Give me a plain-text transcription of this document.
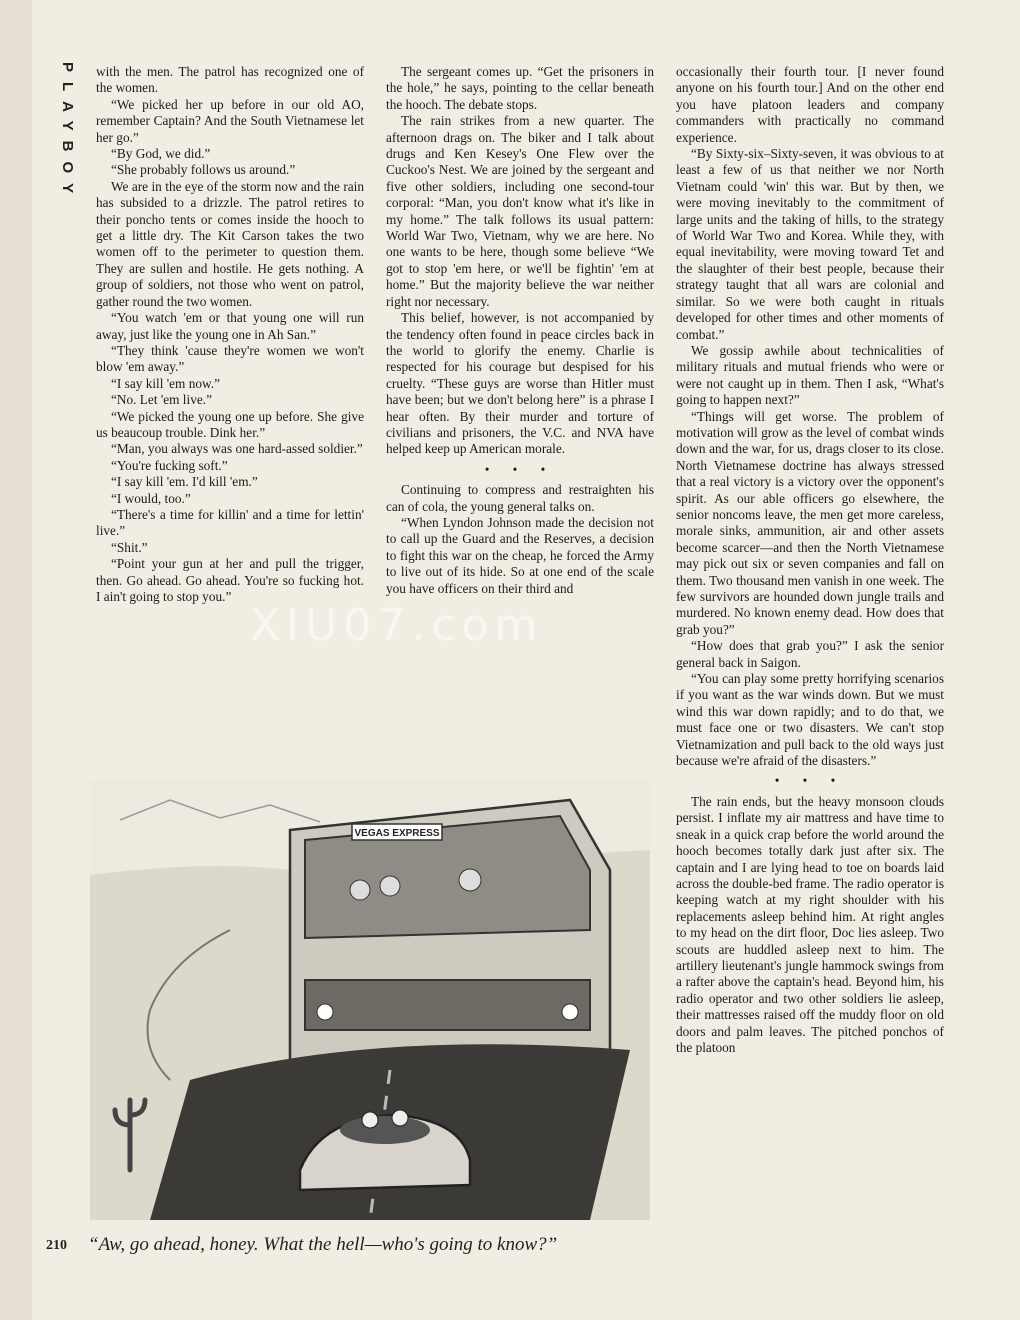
PLAYBOY with the men. The patrol has recognized one of the women.

“We picked her up before in our old AO, remember Captain? And the South Vietnamese let her go.”

“By God, we did.”

“She probably follows us around.”

We are in the eye of the storm now and the rain has subsided to a drizzle. The patrol retires to their poncho tents or comes inside the hooch to get a little dry. The Kit Carson takes the two women off to the perimeter to question them. They are sullen and hostile. He gets nothing. A group of soldiers, not those who went on patrol, gather round the two women.

“You watch 'em or that young one will run away, just like the young one in Ah San.”

“They think 'cause they're women we won't blow 'em away.”

“I say kill 'em now.”

“No. Let 'em live.”

“We picked the young one up before. She give us beaucoup trouble. Dink her.”

“Man, you always was one hard-assed soldier.”

“You're fucking soft.”

“I say kill 'em. I'd kill 'em.”

“I would, too.”

“There's a time for killin' and a time for lettin' live.”

“Shit.”

“Point your gun at her and pull the trigger, then. Go ahead. Go ahead. You're so fucking hot. I ain't going to stop you.”

The sergeant comes up. “Get the prisoners in the hole,” he says, pointing to the cellar beneath the hooch. The debate stops.

The rain strikes from a new quarter. The afternoon drags on. The biker and I talk about drugs and Ken Kesey's One Flew over the Cuckoo's Nest. We are joined by the sergeant and five other soldiers, including one second-tour corporal: “Man, you don't know what it's like in my home.” The talk follows its usual pattern: World War Two, Vietnam, why we are here. No one wants to be here, though some believe “We got to stop 'em here, or we'll be fightin' 'em at home.” But the majority believe the war neither right nor necessary.

This belief, however, is not accompanied by the tendency often found in peace circles back in the world to glorify the enemy. Charlie is respected for his courage but despised for his cruelty. “These guys are worse than Hitler must have been; but we don't belong here” is a phrase I hear often. By their murder and torture of civilians and prisoners, the V.C. and NVA have helped keep up American morale.

• • •

Continuing to compress and restraighten his can of cola, the young general talks on.

“When Lyndon Johnson made the decision not to call up the Guard and the Reserves, a decision to fight this war on the cheap, he forced the Army to live out of its hide. So at one end of the scale you have officers on their third and

occasionally their fourth tour. [I never found anyone on his fourth tour.] And on the other end you have platoon leaders and company commanders with practically no command experience.

“By Sixty-six–Sixty-seven, it was obvious to at least a few of us that neither we nor North Vietnam could 'win' this war. But by then, we were moving inevitably to the commitment of large units and the taking of hills, to the strategy of World War Two and Korea. While they, with equal inevitability, were moving toward Tet and the slaughter of their best people, because their strategy taught that all wars are colonial and similar. So we were both caught in rituals developed for other times and other moments of combat.”

We gossip awhile about technicalities of military rituals and mutual friends who were or were not caught up in them. Then I ask, “What's going to happen next?”

“Things will get worse. The problem of motivation will grow as the level of combat winds down and the war, for us, drags closer to its close. North Vietnamese doctrine has always stressed that a real victory is a victory over the opponent's spirit. As our able officers go elsewhere, the senior noncoms leave, the men get more careless, morale sinks, ammunition, air and other assets become scarcer—and then the North Vietnamese may pick out six or seven companies and fall on them. Two thousand men vanish in one week. The few survivors are hounded down jungle trails and murdered. No known enemy dead. How does that grab you?”

“How does that grab you?” I ask the senior general back in Saigon.

“You can play some pretty horrifying scenarios if you want as the war winds down. But we must wind this war down rapidly; and to do that, we must face one or two disasters. We can't stop Vietnamization and pull back to the old ways just because we're afraid of the disasters.”

• • •

The rain ends, but the heavy monsoon clouds persist. I inflate my air mattress and have time to sneak in a quick crap before the world around the hooch becomes totally dark just after six. The captain and I are lying head to toe on boards laid across the double-bed frame. The radio operator is keeping watch at my right shoulder with his replacements asleep behind him. At right angles to my head on the dirt floor, Doc lies asleep. Two scouts are huddled asleep next to him. The artillery lieutenant's jungle hammock swings from a rafter above the captain's head. Beyond him, his radio operator and two other soldiers lie asleep, their mattresses raised off the muddy floor on old doors and palm leaves. The pitched ponchos of the platoon

VEGAS EXPRESS
210 “Aw, go ahead, honey. What the hell—who's going to know?”
XIU07.com
